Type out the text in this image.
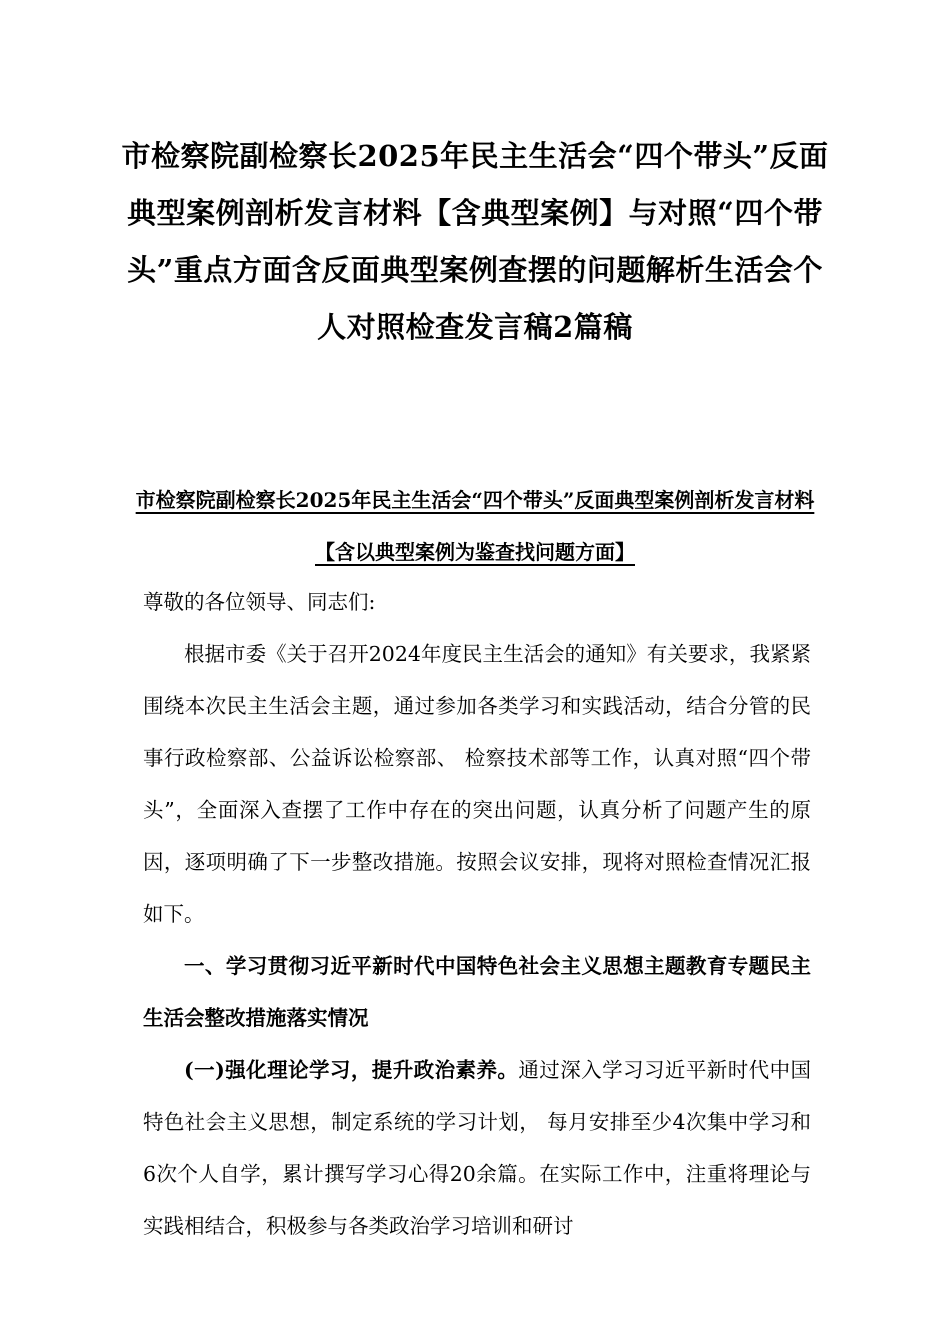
市检察院副检察长2025年民主生活会“四个带头”反面典型案例剖析发言材料【含典型案例】与对照“四个带头”重点方面含反面典型案例查摆的问题解析生活会个人对照检查发言稿2篇稿
市检察院副检察长2025年民主生活会“四个带头”反面典型案例剖析发言材料【含以典型案例为鉴查找问题方面】

尊敬的各位领导、同志们:

根据市委《关于召开2024年度民主生活会的通知》有关要求，我紧紧围绕本次民主生活会主题，通过参加各类学习和实践活动，结合分管的民事行政检察部、公益诉讼检察部、 检察技术部等工作，认真对照“四个带头”，全面深入查摆了工作中存在的突出问题，认真分析了问题产生的原因，逐项明确了下一步整改措施。按照会议安排，现将对照检查情况汇报如下。

一、学习贯彻习近平新时代中国特色社会主义思想主题教育专题民主生活会整改措施落实情况

(一)强化理论学习，提升政治素养。通过深入学习习近平新时代中国特色社会主义思想，制定系统的学习计划， 每月安排至少4次集中学习和6次个人自学，累计撰写学习心得20余篇。在实际工作中，注重将理论与实践相结合，积极参与各类政治学习培训和研讨
